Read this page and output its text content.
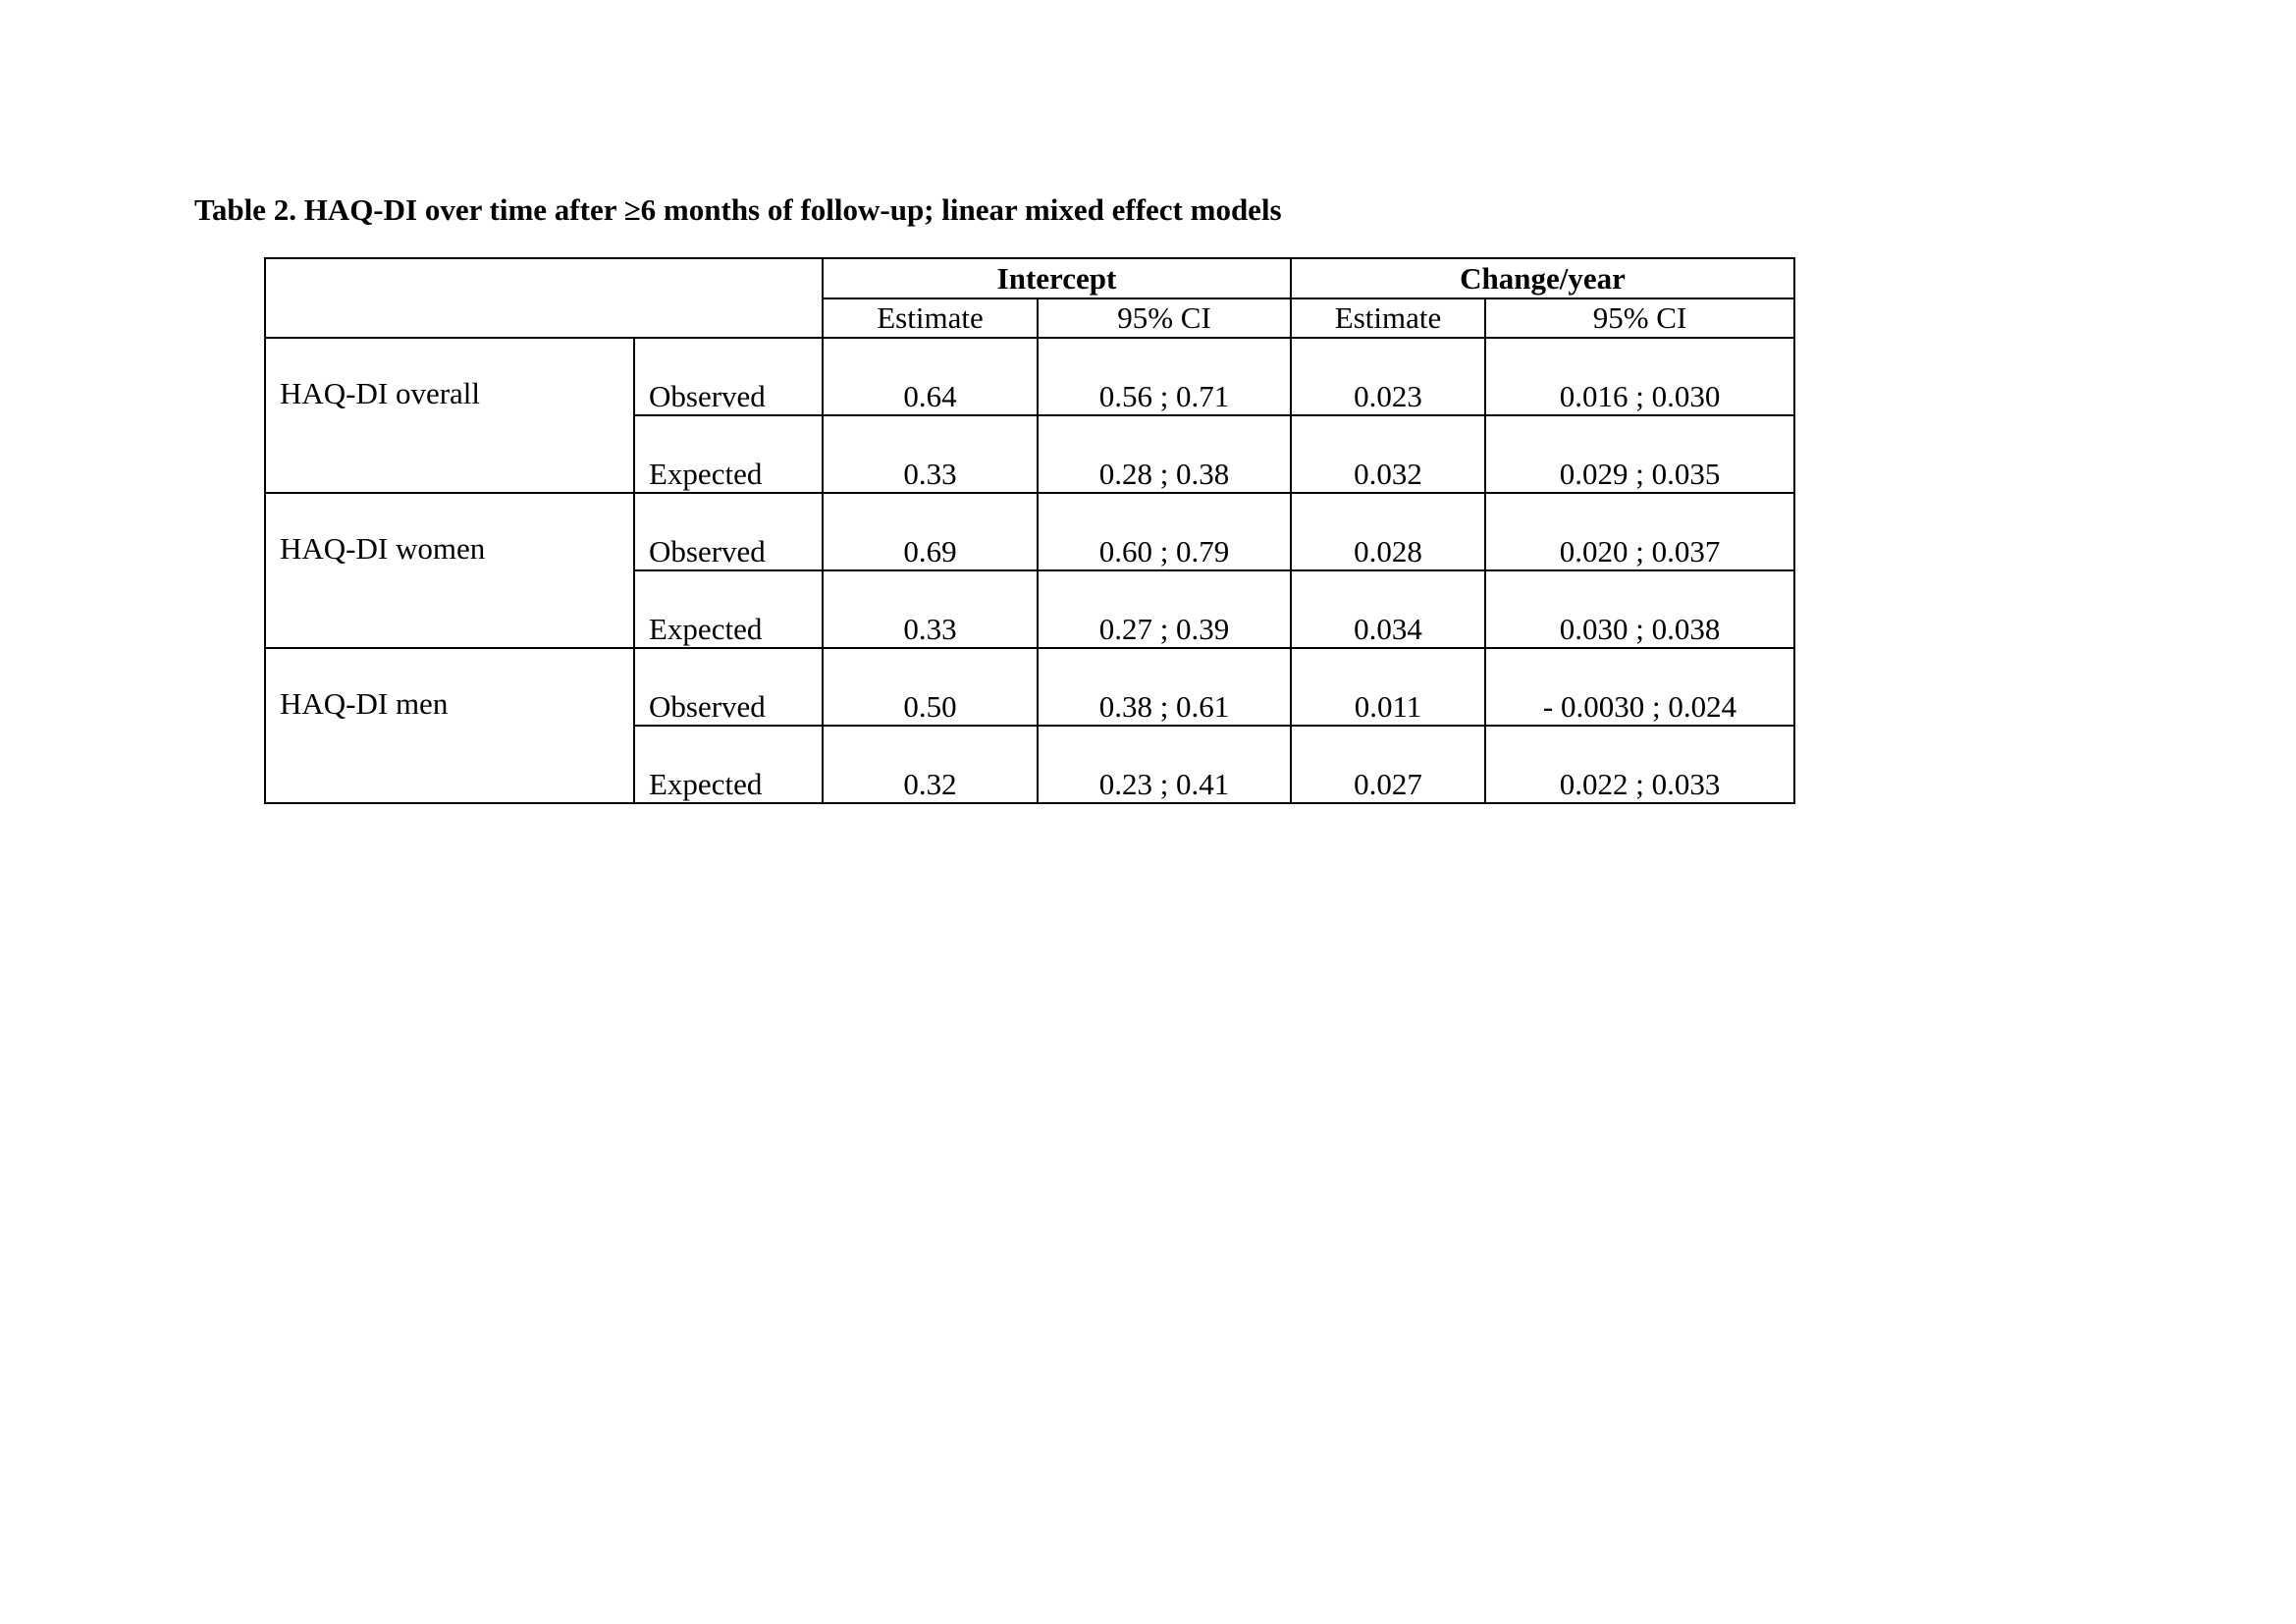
Table 2. HAQ-DI over time after ≥6 months of follow-up; linear mixed effect models
		Intercept		Change/year	
		Estimate	95% CI	Estimate	95% CI
HAQ-DI overall	Observed	0.64	0.56 ; 0.71	0.023	0.016 ; 0.030
	Expected	0.33	0.28 ; 0.38	0.032	0.029 ; 0.035
HAQ-DI women	Observed	0.69	0.60 ; 0.79	0.028	0.020 ; 0.037
	Expected	0.33	0.27 ; 0.39	0.034	0.030 ; 0.038
HAQ-DI men	Observed	0.50	0.38 ; 0.61	0.011	- 0.0030 ; 0.024
	Expected	0.32	0.23 ; 0.41	0.027	0.022 ; 0.033
